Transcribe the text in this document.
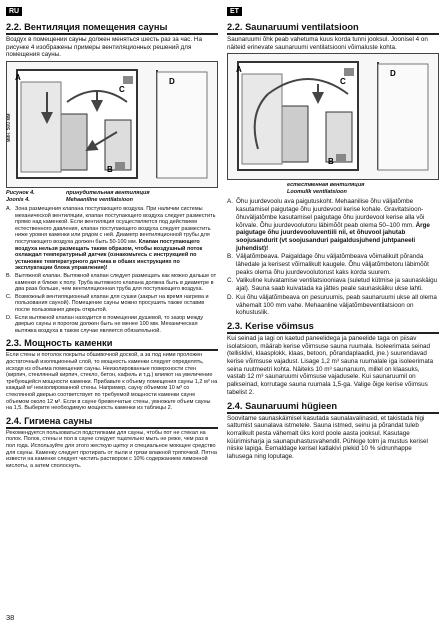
RU
2.2. Вентиляция помещения сауны
Воздух в помещении сауны должен меняться шесть раз за час. На рисунке 4 изображены примеры вентиляционных решений для помещения сауны.
A
C
D
B
мин. 500 мм
Рисунок 4.
Joonis 4.
принудительная вентиляция
Mehaaniline ventilatsioon
A. Зона размещения клапана поступающего воздуха. При наличии системы механической вентиляции, клапан поступающего воздуха следует разместить прямо над каменкой. Если вентиляция осуществляется под действием естественного давления, клапан поступающего воздуха следует разместить ниже уровня каменки или рядом с ней. Диаметр вентиляционной трубы для поступающего воздуха должен быть 50-100 мм. Клапан поступающего воздуха нельзя размещать таким образом, чтобы воздушный поток охлаждал температурный датчик (ознакомьтесь с инструкцией по установке температурного датчика в обших инструкциях по эксплуатации блока управления)!
B. Вытяжной клапан. Вытяжной клапан следует размещать как можно дальше от каменки и ближе к полу. Труба вытяжного клапана должна быть в диаметре в два раза больше, чем вентиляционная труба для поступающего воздуха.
C. Возможный вентиляционный клапан для сушки (закрыт на время нагрева и пользования сауной). Помещение сауны можно просушить также оставив после пользования дверь открытой.
D. Если вытяжной клапан находится в помещении душевой, то зазор между дверью сауны и порогом должен быть не менее 100 мм. Механическая вытяжка воздуха в таком случае является обязательной.
2.3. Мощность каменки
Если стены и потолок покрыты обшивочной доской, а за под ними проложен достаточный изоляционный слой, то мощность каменки следует определять, исходя из объема помещения сауны. Неизолированные поверхности стен (кирпич, стеклянный кирпич, стекло, бетон, кафель и т.д.) влияют на увеличение требующейся мощности каменки. Прибавьте к объему помещения сауны 1,2 м³ на каждый м² неизолированной стены. Например, сауну объемом 10 м³ со стеклянной дверью соответствует по требуемой мощности каменки сауне объемом около 12 м³. Если в сауне бревенчатые стены, умножьте объем сауны на 1,5. Выберите необходимую мощность каменки из таблицы 2.
2.4. Гигиена сауны
Рекомендуется пользоваться подстилками для сауны, чтобы пот не стекал на полок. Полок, стены и пол в сауне следует тщательно мыть не реже, чем раз в пол года. Используйте для этого жесткую щетку и специальное моющее средство для сауны. Каменку следует протирать от пыли и грязи влажной тряпочкой. Пятна извести на каменке следует чистить раствором с 10% содержанием лимонной кислоты, а затем сполоснуть.
ET
2.2. Saunaruumi ventilatsioon
Saunaruumi õhk peab vahetuma kuus korda tunni jooksul. Joonisel 4 on näiteid erinevate saunaruumi ventilatsiooni võimaluste kohta.
A
C
D
B
естественная вентиляция
Loomulik ventilatsioon
A. Õhu juurdevoolu ava paigutuskoht. Mehaanilise õhu väljatõmbe kasutamisel paigutage õhu juurdevool kerise kohale. Gravitatsioon-õhuväljatõmbe kasutamisel paigutage õhu juurdevool kerise alla või kõrvale. Õhu juurdevoolutoru läbimõõt peab olema 50–100 mm. Ärge paigutage õhu juurdevooluventiili nii, et õhuvool jahutab soojusandurit (vt soojusanduri paigaldusjuhend juhtpaneeli juhendist)!
B. Väljatõmbeava. Paigaldage õhu väljatõmbeava võimalikult põranda lähedale ja kerisest võimalikult kaugele. Õhu väljatõmbetoru läbimõõt peaks olema õhu juurdevoolutorust kaks korda suurem.
C. Valikuline kuivatamise ventilatsiooniava (suletud kütmise ja saunaskäigu ajal). Sauna saab kuivatada ka jättes peale saunaskäiku ukse lahti.
D. Kui õhu väljatõmbeava on pesuruumis, peab saunaruumi ukse all olema vähemalt 100 mm vahe. Mehaanline väljatõmbeventilatsioon on kohustuslik.
2.3. Kerise võimsus
Kui seinad ja lagi on kaetud paneelidega ja paneelide taga on piisav isolatsioon, määrab kerise võimsuse sauna ruumala. Isoleerimata seinad (tellisklivi, klaasplokk, klaas, betoon, põrandaplaadid, jne.) suurendavad kerise võimsuse vajadust. Lisage 1,2 m³ sauna ruumalale iga isoleerimata seina ruutmeetri kohta. Näiteks 10 m³ saunaruum, millel on klaasuks, vastab 12 m³ saunaruumi võimsuse vajadusele. Kui saunaruumil on palkseinad, korrutage sauna ruumala 1,5-ga. Valige õige kerise võimsus tabelist 2.
2.4. Saunaruumi hügieen
Soovitame saunaskäimisel kasutada saunalavalinasid, et takistada higi sattumist saunalava istmetele. Sauna istmed, seinu ja põrandat tuleb korralikult pesta vähemalt üks kord poole aasta jooksul. Kasutage küürimisharja ja saunapuhastusvahendit. Pühkige tolm ja mustus kerisel niiske lapiga. Eemaldage kerisel katlakivi plekid 10 % sidrunhappe lahusega ning loputage.
38
